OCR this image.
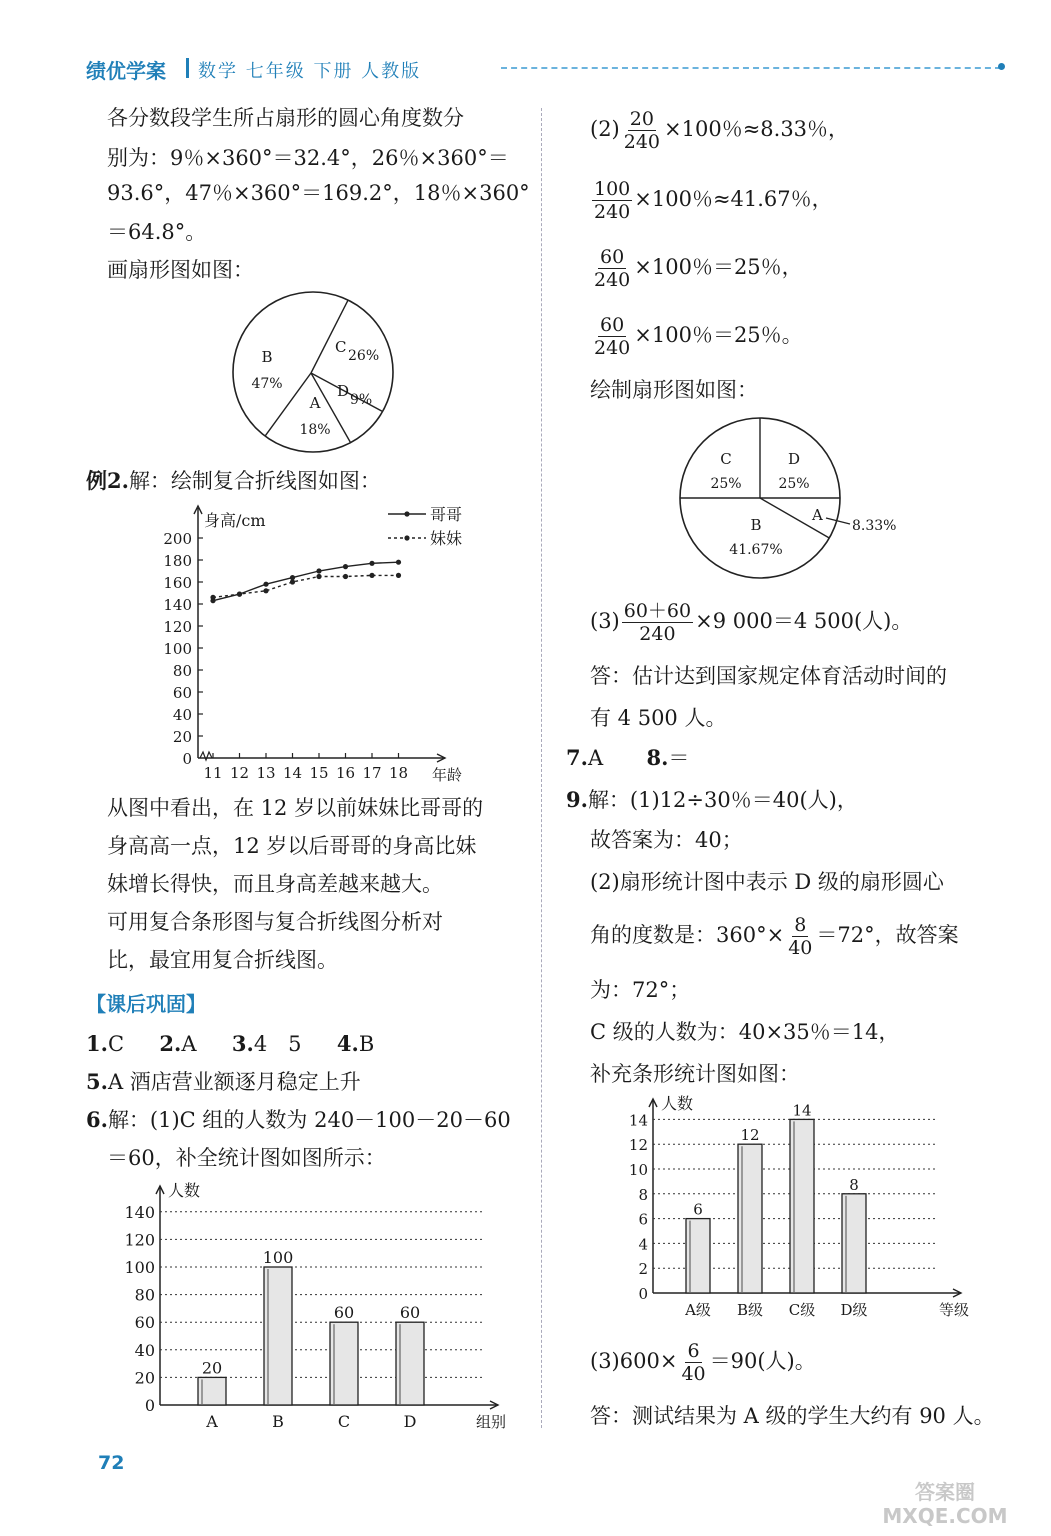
绩优学案 数学 七年级 下册 人教版
各分数段学生所占扇形的圆心角度数分
别为：9％×360°＝32.4°，26％×360°＝
93.6°，47％×360°＝169.2°，18％×360°
＝64.8°。
画扇形图如图：
A
18%
B
47%
C 26%
D 9%
例2.解：绘制复合折线图如图：
0
20
40
60
80
100
120
140
160
180
200
11 12 13 14 15 16 17 18
身高/cm
年龄
哥哥
妹妹
从图中看出，在 12 岁以前妹妹比哥哥的
身高高一点，12 岁以后哥哥的身高比妹
妹增长得快，而且身高差越来越大。
可用复合条形图与复合折线图分析对
比，最宜用复合折线图。
【课后巩固】
1.C 2.A 3.4　5 4.B
5.A 酒店营业额逐月稳定上升
6.解：(1)C 组的人数为 240－100－20－60
＝60，补全统计图如图所示：
0
20
40
60
80
100
120
140
人数
组别
20
A
100
B
60
C
60
D
72
$(2) \frac{20}{240} \times 100$％≈8.33％，
$\frac{100}{240} \times 100$％≈41.67％，
$\frac{60}{240} \times 100$％＝25％，
$\frac{60}{240} \times 100$％＝25％。
绘制扇形图如图：
C
25%
D
25%
A
8.33%
B
41.67%
$(3) \frac{60+60}{240} \times 9$ 000＝4 500(人)。
答：估计达到国家规定体育活动时间的
有 4 500 人。
7.A 8.＝
9.解：(1)12÷30％＝40(人)，
故答案为：40；
(2)扇形统计图中表示 D 级的扇形圆心
角的度数是：$360^\circ\times \frac{8}{40} =72^\circ$，故答案
为：72°；
C 级的人数为：40×35％＝14，
补充条形统计图如图：
0
2
4
6
8
10
12
14
人数
等级
6
A级
12
B级
14
C级
8
D级
$(3)600\times \frac{6}{40} =90$(人)。
答：测试结果为 A 级的学生大约有 90 人。
答案圈 MXQE.COM
